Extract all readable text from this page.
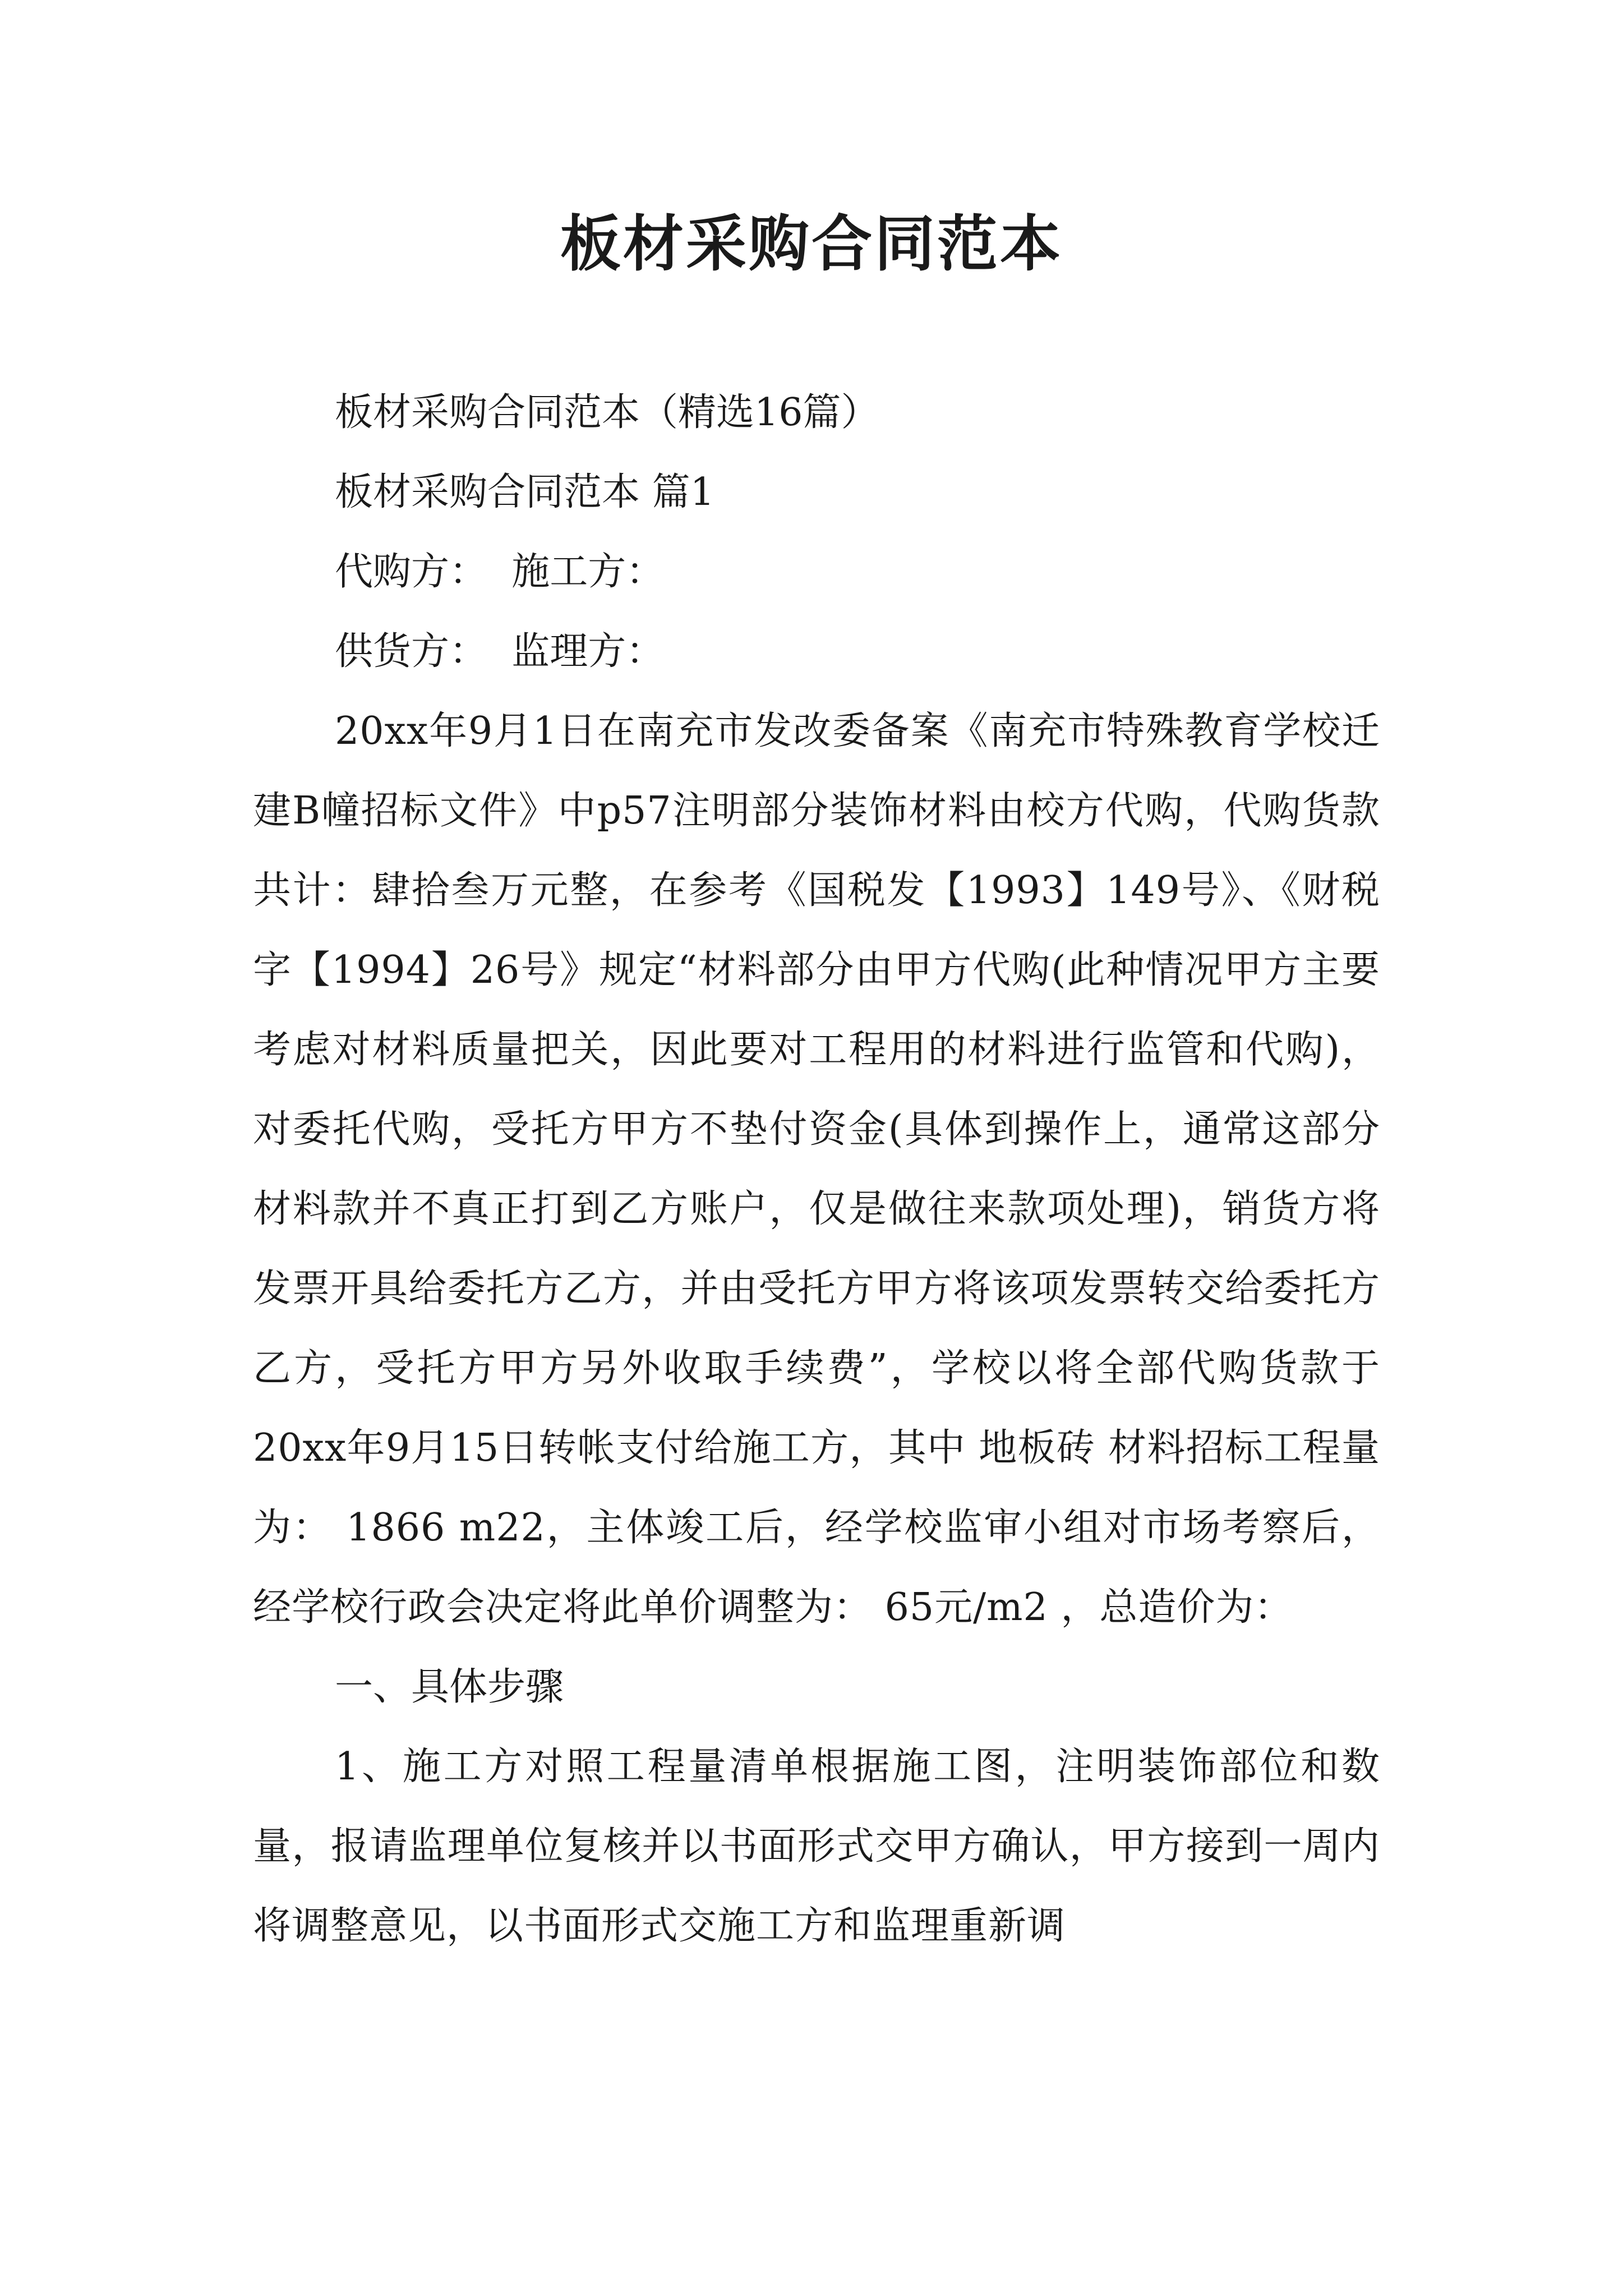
板材采购合同范本

板材采购合同范本（精选16篇）

板材采购合同范本 篇1

代购方：  施工方：

供货方：  监理方：

20xx年9月1日在南充市发改委备案《南充市特殊教育学校迁建B幢招标文件》中p57注明部分装饰材料由校方代购，代购货款共计：肆拾叁万元整，在参考《国税发【1993】149号》、《财税字【1994】26号》规定“材料部分由甲方代购(此种情况甲方主要考虑对材料质量把关，因此要对工程用的材料进行监管和代购)，对委托代购，受托方甲方不垫付资金(具体到操作上，通常这部分材料款并不真正打到乙方账户，仅是做往来款项处理)，销货方将发票开具给委托方乙方，并由受托方甲方将该项发票转交给委托方乙方，受托方甲方另外收取手续费”，学校以将全部代购货款于20xx年9月15日转帐支付给施工方，其中 地板砖 材料招标工程量为： 1866 m22，主体竣工后，经学校监审小组对市场考察后，经学校行政会决定将此单价调整为： 65元/m2 ，总造价为：

一、具体步骤

1、施工方对照工程量清单根据施工图，注明装饰部位和数量，报请监理单位复核并以书面形式交甲方确认，甲方接到一周内将调整意见，以书面形式交施工方和监理重新调
